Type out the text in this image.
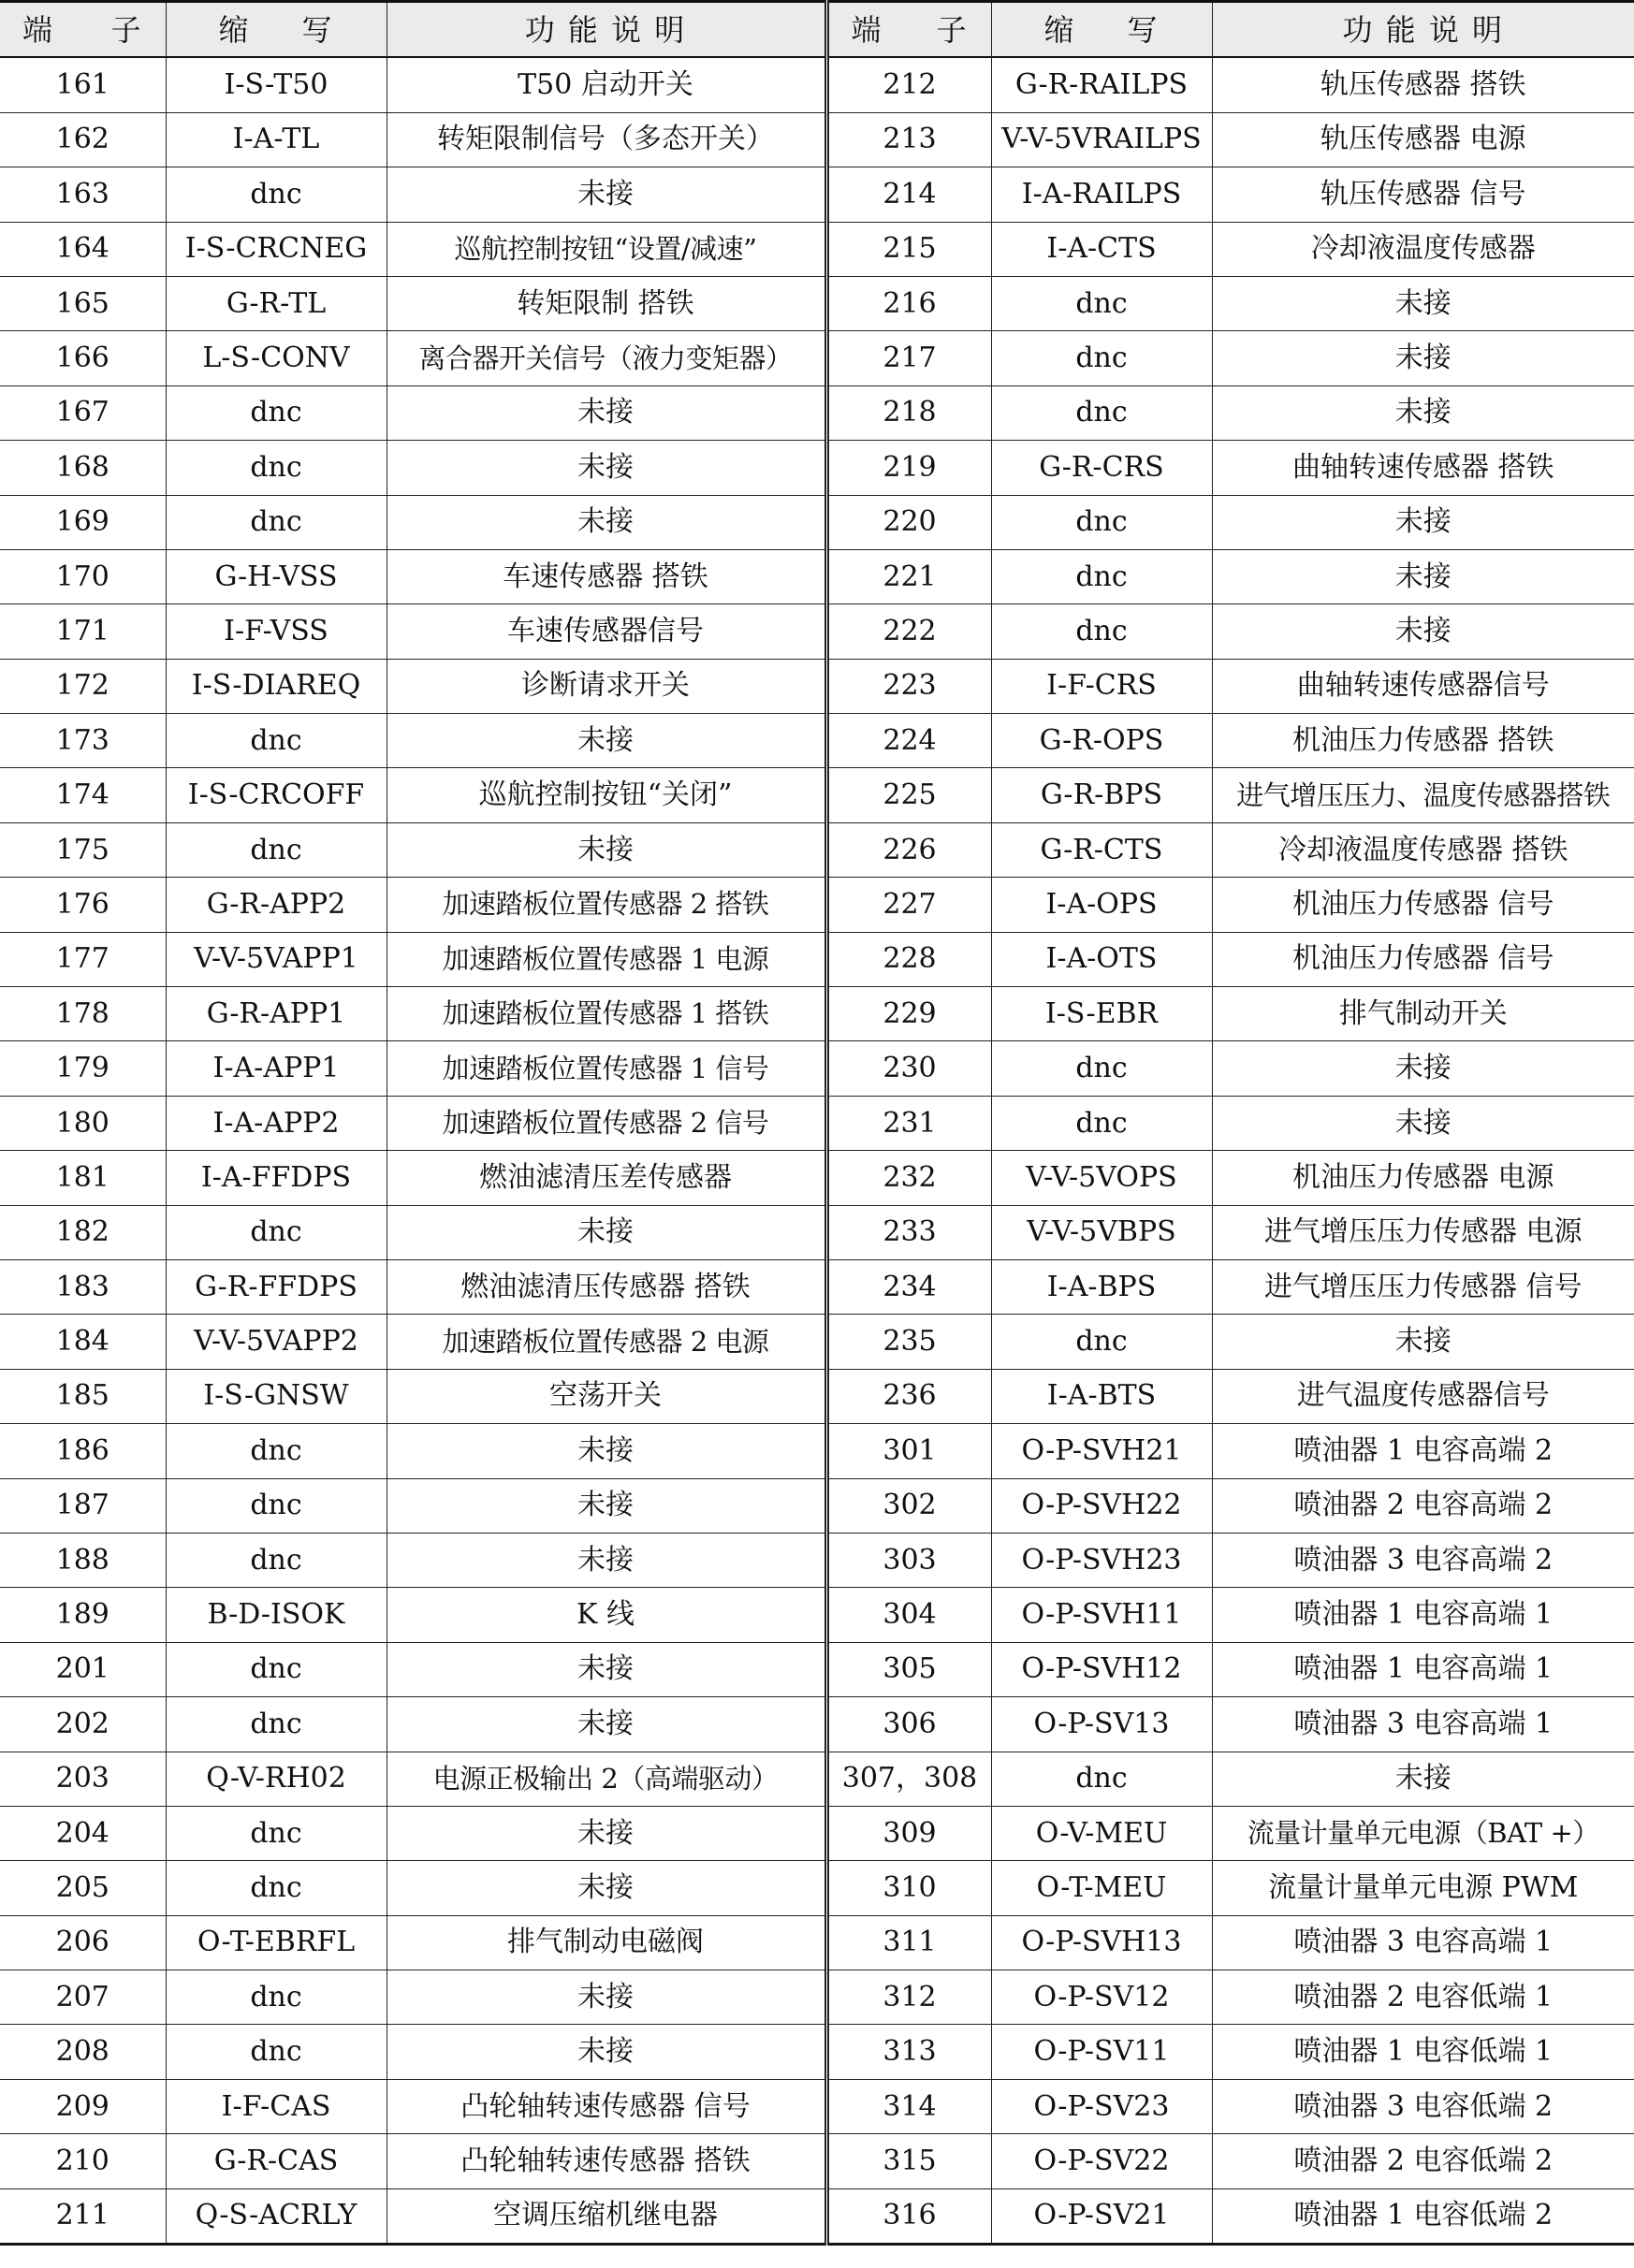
端 子	缩 写	功 能 说 明	端 子	缩 写	功 能 说 明
161	I-S-T50	T50 启动开关	212	G-R-RAILPS	轨压传感器 搭铁
162	I-A-TL	转矩限制信号（多态开关）	213	V-V-5VRAILPS	轨压传感器 电源
163	dnc	未接	214	I-A-RAILPS	轨压传感器 信号
164	I-S-CRCNEG	巡航控制按钮“设置/减速”	215	I-A-CTS	冷却液温度传感器
165	G-R-TL	转矩限制 搭铁	216	dnc	未接
166	L-S-CONV	离合器开关信号（液力变矩器）	217	dnc	未接
167	dnc	未接	218	dnc	未接
168	dnc	未接	219	G-R-CRS	曲轴转速传感器 搭铁
169	dnc	未接	220	dnc	未接
170	G-H-VSS	车速传感器 搭铁	221	dnc	未接
171	I-F-VSS	车速传感器信号	222	dnc	未接
172	I-S-DIAREQ	诊断请求开关	223	I-F-CRS	曲轴转速传感器信号
173	dnc	未接	224	G-R-OPS	机油压力传感器 搭铁
174	I-S-CRCOFF	巡航控制按钮“关闭”	225	G-R-BPS	进气增压压力、温度传感器搭铁
175	dnc	未接	226	G-R-CTS	冷却液温度传感器 搭铁
176	G-R-APP2	加速踏板位置传感器 2 搭铁	227	I-A-OPS	机油压力传感器 信号
177	V-V-5VAPP1	加速踏板位置传感器 1 电源	228	I-A-OTS	机油压力传感器 信号
178	G-R-APP1	加速踏板位置传感器 1 搭铁	229	I-S-EBR	排气制动开关
179	I-A-APP1	加速踏板位置传感器 1 信号	230	dnc	未接
180	I-A-APP2	加速踏板位置传感器 2 信号	231	dnc	未接
181	I-A-FFDPS	燃油滤清压差传感器	232	V-V-5VOPS	机油压力传感器 电源
182	dnc	未接	233	V-V-5VBPS	进气增压压力传感器 电源
183	G-R-FFDPS	燃油滤清压传感器 搭铁	234	I-A-BPS	进气增压压力传感器 信号
184	V-V-5VAPP2	加速踏板位置传感器 2 电源	235	dnc	未接
185	I-S-GNSW	空荡开关	236	I-A-BTS	进气温度传感器信号
186	dnc	未接	301	O-P-SVH21	喷油器 1 电容高端 2
187	dnc	未接	302	O-P-SVH22	喷油器 2 电容高端 2
188	dnc	未接	303	O-P-SVH23	喷油器 3 电容高端 2
189	B-D-ISOK	K 线	304	O-P-SVH11	喷油器 1 电容高端 1
201	dnc	未接	305	O-P-SVH12	喷油器 1 电容高端 1
202	dnc	未接	306	O-P-SV13	喷油器 3 电容高端 1
203	Q-V-RH02	电源正极输出 2（高端驱动）	307，308	dnc	未接
204	dnc	未接	309	O-V-MEU	流量计量单元电源（BAT +）
205	dnc	未接	310	O-T-MEU	流量计量单元电源 PWM
206	O-T-EBRFL	排气制动电磁阀	311	O-P-SVH13	喷油器 3 电容高端 1
207	dnc	未接	312	O-P-SV12	喷油器 2 电容低端 1
208	dnc	未接	313	O-P-SV11	喷油器 1 电容低端 1
209	I-F-CAS	凸轮轴转速传感器 信号	314	O-P-SV23	喷油器 3 电容低端 2
210	G-R-CAS	凸轮轴转速传感器 搭铁	315	O-P-SV22	喷油器 2 电容低端 2
211	Q-S-ACRLY	空调压缩机继电器	316	O-P-SV21	喷油器 1 电容低端 2
